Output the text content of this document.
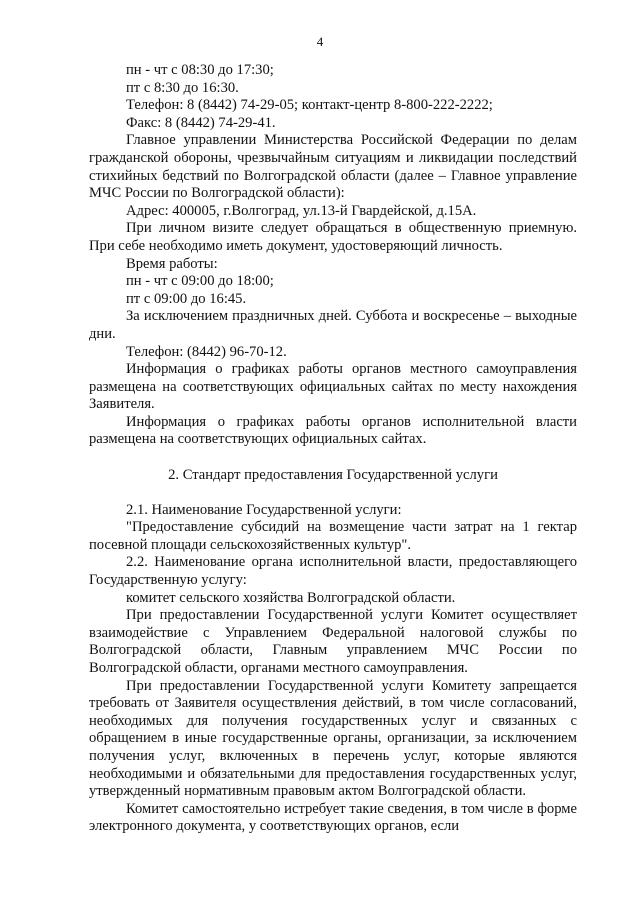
4

пн - чт с 08:30 до 17:30;

пт с 8:30 до 16:30.

Телефон: 8 (8442) 74-29-05; контакт-центр 8-800-222-2222;

Факс: 8 (8442) 74-29-41.

Главное управлении Министерства Российской Федерации по делам гражданской обороны, чрезвычайным ситуациям и ликвидации последствий стихийных бедствий по Волгоградской области (далее – Главное управление МЧС России по Волгоградской области):

Адрес: 400005, г.Волгоград, ул.13-й Гвардейской, д.15А.

При личном визите следует обращаться в общественную приемную. При себе необходимо иметь документ, удостоверяющий личность.

Время работы:

пн - чт с 09:00 до 18:00;

пт с 09:00 до 16:45.

За исключением праздничных дней. Суббота и воскресенье – выходные дни.

Телефон: (8442) 96-70-12.

Информация о графиках работы органов местного самоуправления размещена на соответствующих официальных сайтах по месту нахождения Заявителя.

Информация о графиках работы органов исполнительной власти размещена на соответствующих официальных сайтах.

2. Стандарт предоставления Государственной услуги

2.1. Наименование Государственной услуги:

"Предоставление субсидий на возмещение части затрат на 1 гектар посевной площади сельскохозяйственных культур".

2.2. Наименование органа исполнительной власти, предоставляющего Государственную услугу:

комитет сельского хозяйства Волгоградской области.

При предоставлении Государственной услуги Комитет осуществляет взаимодействие с Управлением Федеральной налоговой службы по Волгоградской области, Главным управлением МЧС России по Волгоградской области, органами местного самоуправления.

При предоставлении Государственной услуги Комитету запрещается требовать от Заявителя осуществления действий, в том числе согласований, необходимых для получения государственных услуг и связанных с обращением в иные государственные органы, организации, за исключением получения услуг, включенных в перечень услуг, которые являются необходимыми и обязательными для предоставления государственных услуг, утвержденный нормативным правовым актом Волгоградской области.

Комитет самостоятельно истребует такие сведения, в том числе в форме электронного документа, у соответствующих органов, если
